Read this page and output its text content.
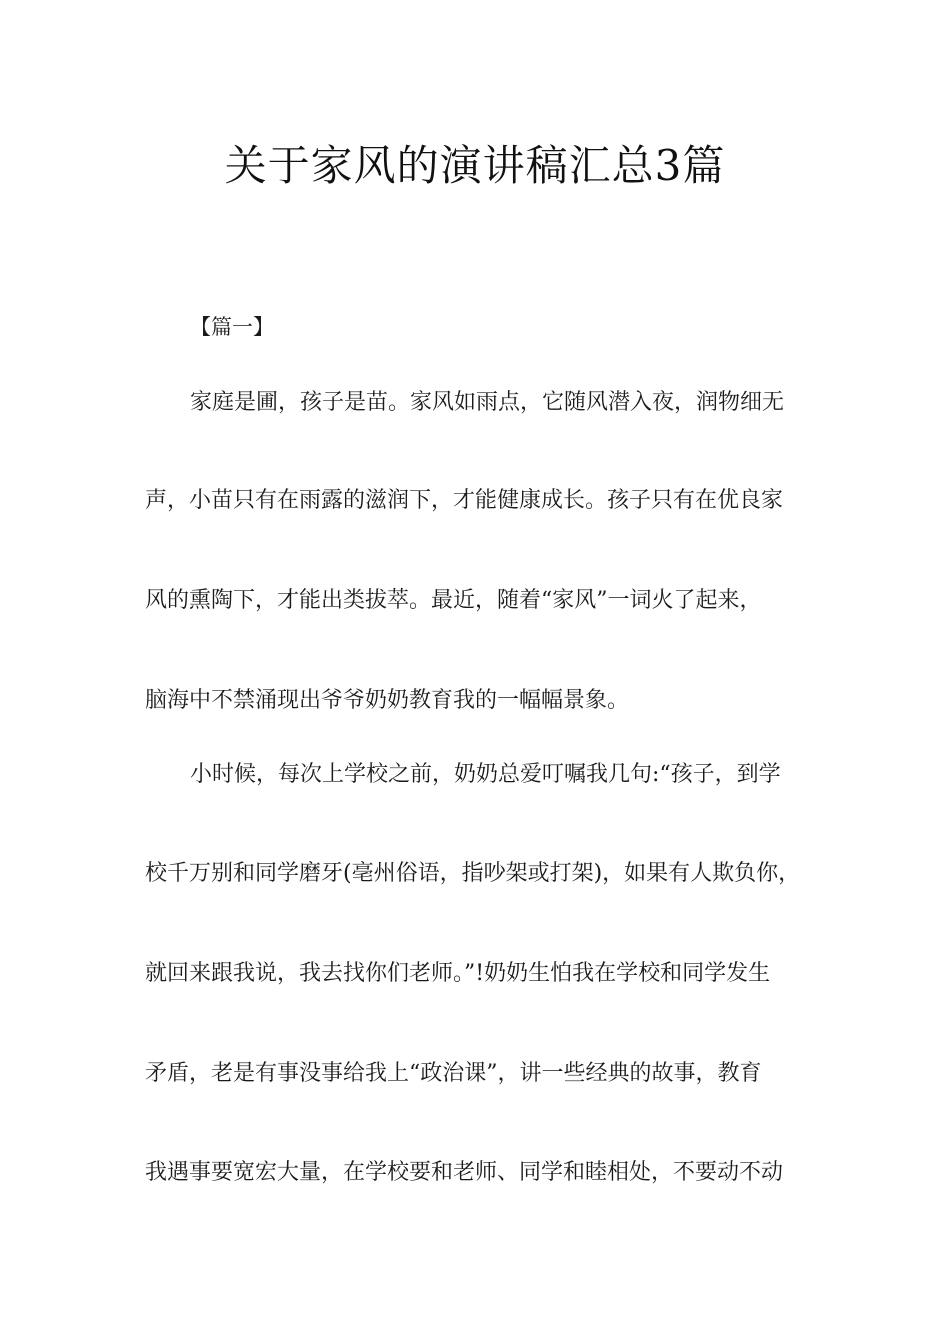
关于家风的演讲稿汇总3篇
【篇一】

家庭是圃，孩子是苗。家风如雨点，它随风潜入夜，润物细无

声，小苗只有在雨露的滋润下，才能健康成长。孩子只有在优良家

风的熏陶下，才能出类拔萃。最近，随着“家风”一词火了起来，

脑海中不禁涌现出爷爷奶奶教育我的一幅幅景象。

小时候，每次上学校之前，奶奶总爱叮嘱我几句:“孩子，到学

校千万别和同学磨牙(亳州俗语，指吵架或打架)，如果有人欺负你，

就回来跟我说，我去找你们老师。”!奶奶生怕我在学校和同学发生

矛盾，老是有事没事给我上“政治课”，讲一些经典的故事，教育

我遇事要宽宏大量，在学校要和老师、同学和睦相处，不要动不动
